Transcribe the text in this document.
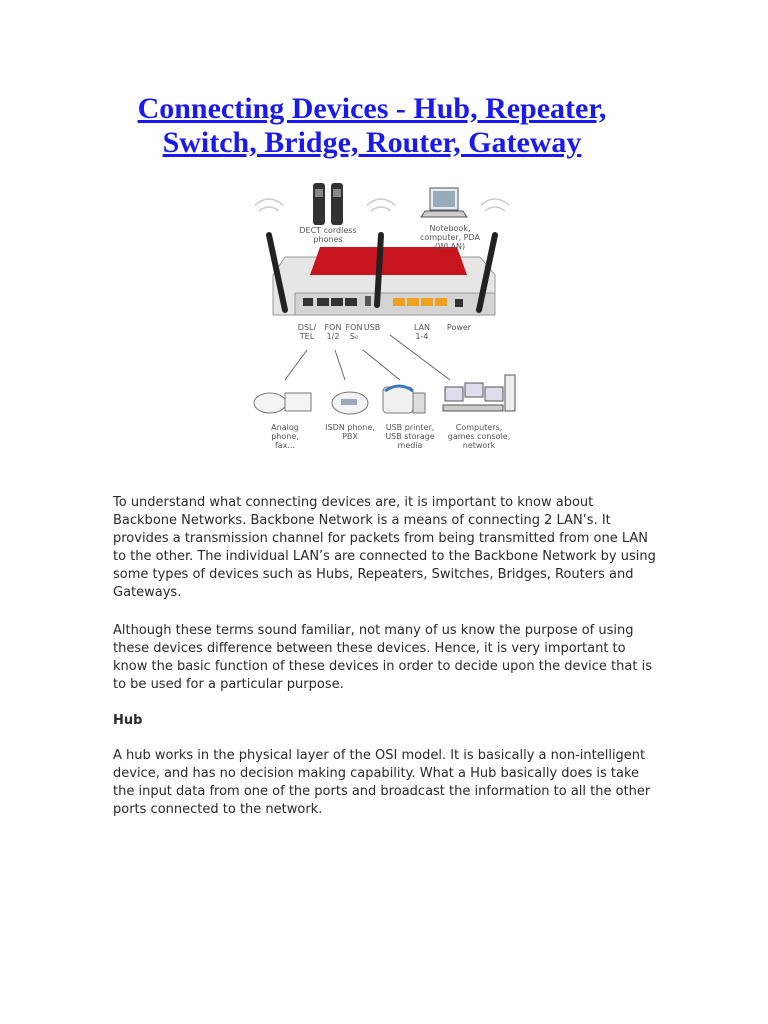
Connecting Devices - Hub, Repeater,
Switch, Bridge, Router, Gateway
DECT cordless phones
Notebook, computer, PDA (WLAN)
DSL/ TEL
FON 1/2
FON S₀
USB	LAN 1-4
Power
Analog phone, fax...
ISDN phone, PBX
USB printer, USB storage media
Computers, games console, network

To understand what connecting devices are, it is important to know about Backbone Networks. Backbone Network is a means of connecting 2 LAN’s. It provides a transmission channel for packets from being transmitted from one LAN to the other. The individual LAN’s are connected to the Backbone Network by using some types of devices such as Hubs, Repeaters, Switches, Bridges, Routers and Gateways.

Although these terms sound familiar, not many of us know the purpose of using these devices difference between these devices. Hence, it is very important to know the basic function of these devices in order to decide upon the device that is to be used for a particular purpose.

Hub

A hub works in the physical layer of the OSI model. It is basically a non-intelligent device, and has no decision making capability. What a Hub basically does is take the input data from one of the ports and broadcast the information to all the other ports connected to the network.
